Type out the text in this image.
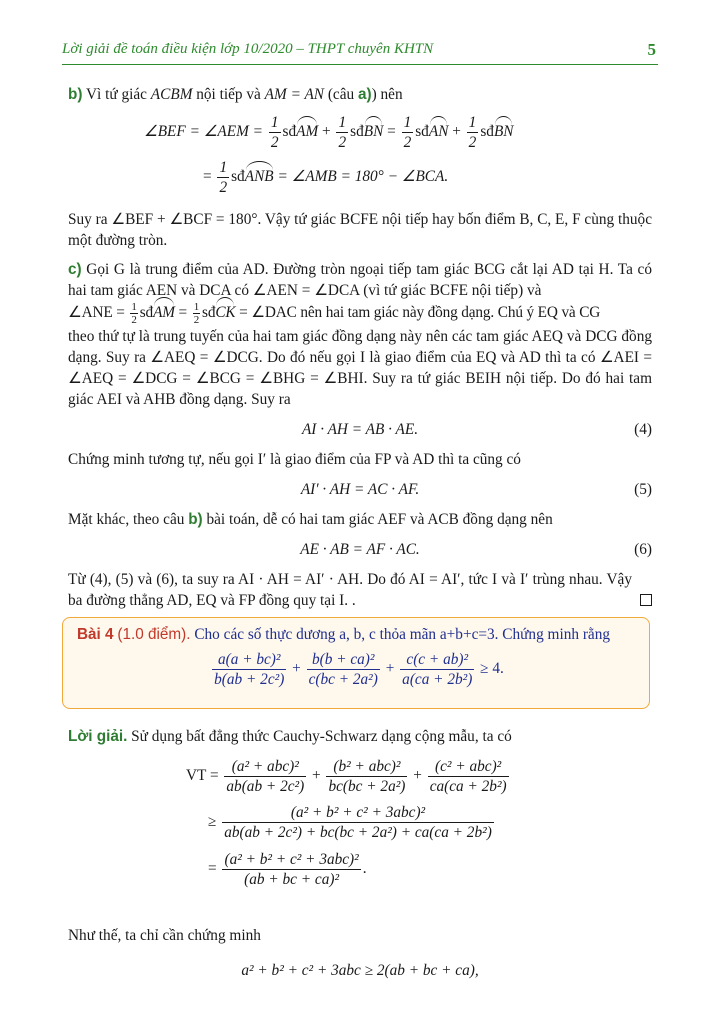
Lời giải đề toán điều kiện lớp 10/2020 – THPT chuyên KHTN	5

b) Vì tứ giác ACBM nội tiếp và AM = AN (câu a)) nên

∠BEF = ∠AEM = $\frac{1}{2}$ sđAM + $\frac{1}{2}$ sđBN = $\frac{1}{2}$ sđAN + $\frac{1}{2}$ sđBN
= $\frac{1}{2}$ sđANB = ∠AMB = 180° − ∠BCA.

Suy ra ∠BEF + ∠BCF = 180°. Vậy tứ giác BCFE nội tiếp hay bốn điểm B, C, E, F cùng thuộc một đường tròn.

c) Gọi G là trung điểm của AD. Đường tròn ngoại tiếp tam giác BCG cắt lại AD tại H. Ta có hai tam giác AEN và DCA có ∠AEN = ∠DCA (vì tứ giác BCFE nội tiếp) và

∠ANE = $\frac{1}{2}$ sđAM = $\frac{1}{2}$ sđCK = ∠DAC nên hai tam giác này đồng dạng. Chú ý EQ và CG

theo thứ tự là trung tuyến của hai tam giác đồng dạng này nên các tam giác AEQ và DCG đồng dạng. Suy ra ∠AEQ = ∠DCG. Do đó nếu gọi I là giao điểm của EQ và AD thì ta có ∠AEI = ∠AEQ = ∠DCG = ∠BCG = ∠BHG = ∠BHI. Suy ra tứ giác BEIH nội tiếp. Do đó hai tam giác AEI và AHB đồng dạng. Suy ra

AI · AH = AB · AE.	(4)

Chứng minh tương tự, nếu gọi I′ là giao điểm của FP và AD thì ta cũng có

AI′ · AH = AC · AF.	(5)

Mặt khác, theo câu b) bài toán, dễ có hai tam giác AEF và ACB đồng dạng nên

AE · AB = AF · AC.	(6)

Từ (4), (5) và (6), ta suy ra AI · AH = AI′ · AH. Do đó AI = AI′, tức I và I′ trùng nhau. Vậy ba đường thẳng AD, EQ và FP đồng quy tại I. .

Bài 4 (1.0 điểm). Cho các số thực dương a, b, c thỏa mãn a+b+c=3. Chứng minh rằng
$\frac{\text{a(a + bc)²}}{\text{b(ab + 2c²)}} + \frac{\text{b(b + ca)²}}{\text{c(bc + 2a²)}} + \frac{\text{c(c + ab)²}}{\text{a(ca + 2b²)}} \ge 4$.

Lời giải. Sử dụng bất đẳng thức Cauchy-Schwarz dạng cộng mẫu, ta có

VT = $\frac{\text{(a² + abc)²}}{\text{ab(ab + 2c²)}} + \frac{\text{(b² + abc)²}}{\text{bc(bc + 2a²)}} + \frac{\text{(c² + abc)²}}{\text{ca(ca + 2b²)}}$
≥ $\frac{\text{(a² + b² + c² + 3abc)²}}{\text{ab(ab + 2c²) + bc(bc + 2a²) + ca(ca + 2b²)}}$
= $\frac{\text{(a² + b² + c² + 3abc)²}}{\text{(ab + bc + ca)²}}$ .

Như thế, ta chỉ cần chứng minh

a² + b² + c² + 3abc ≥ 2(ab + bc + ca),
